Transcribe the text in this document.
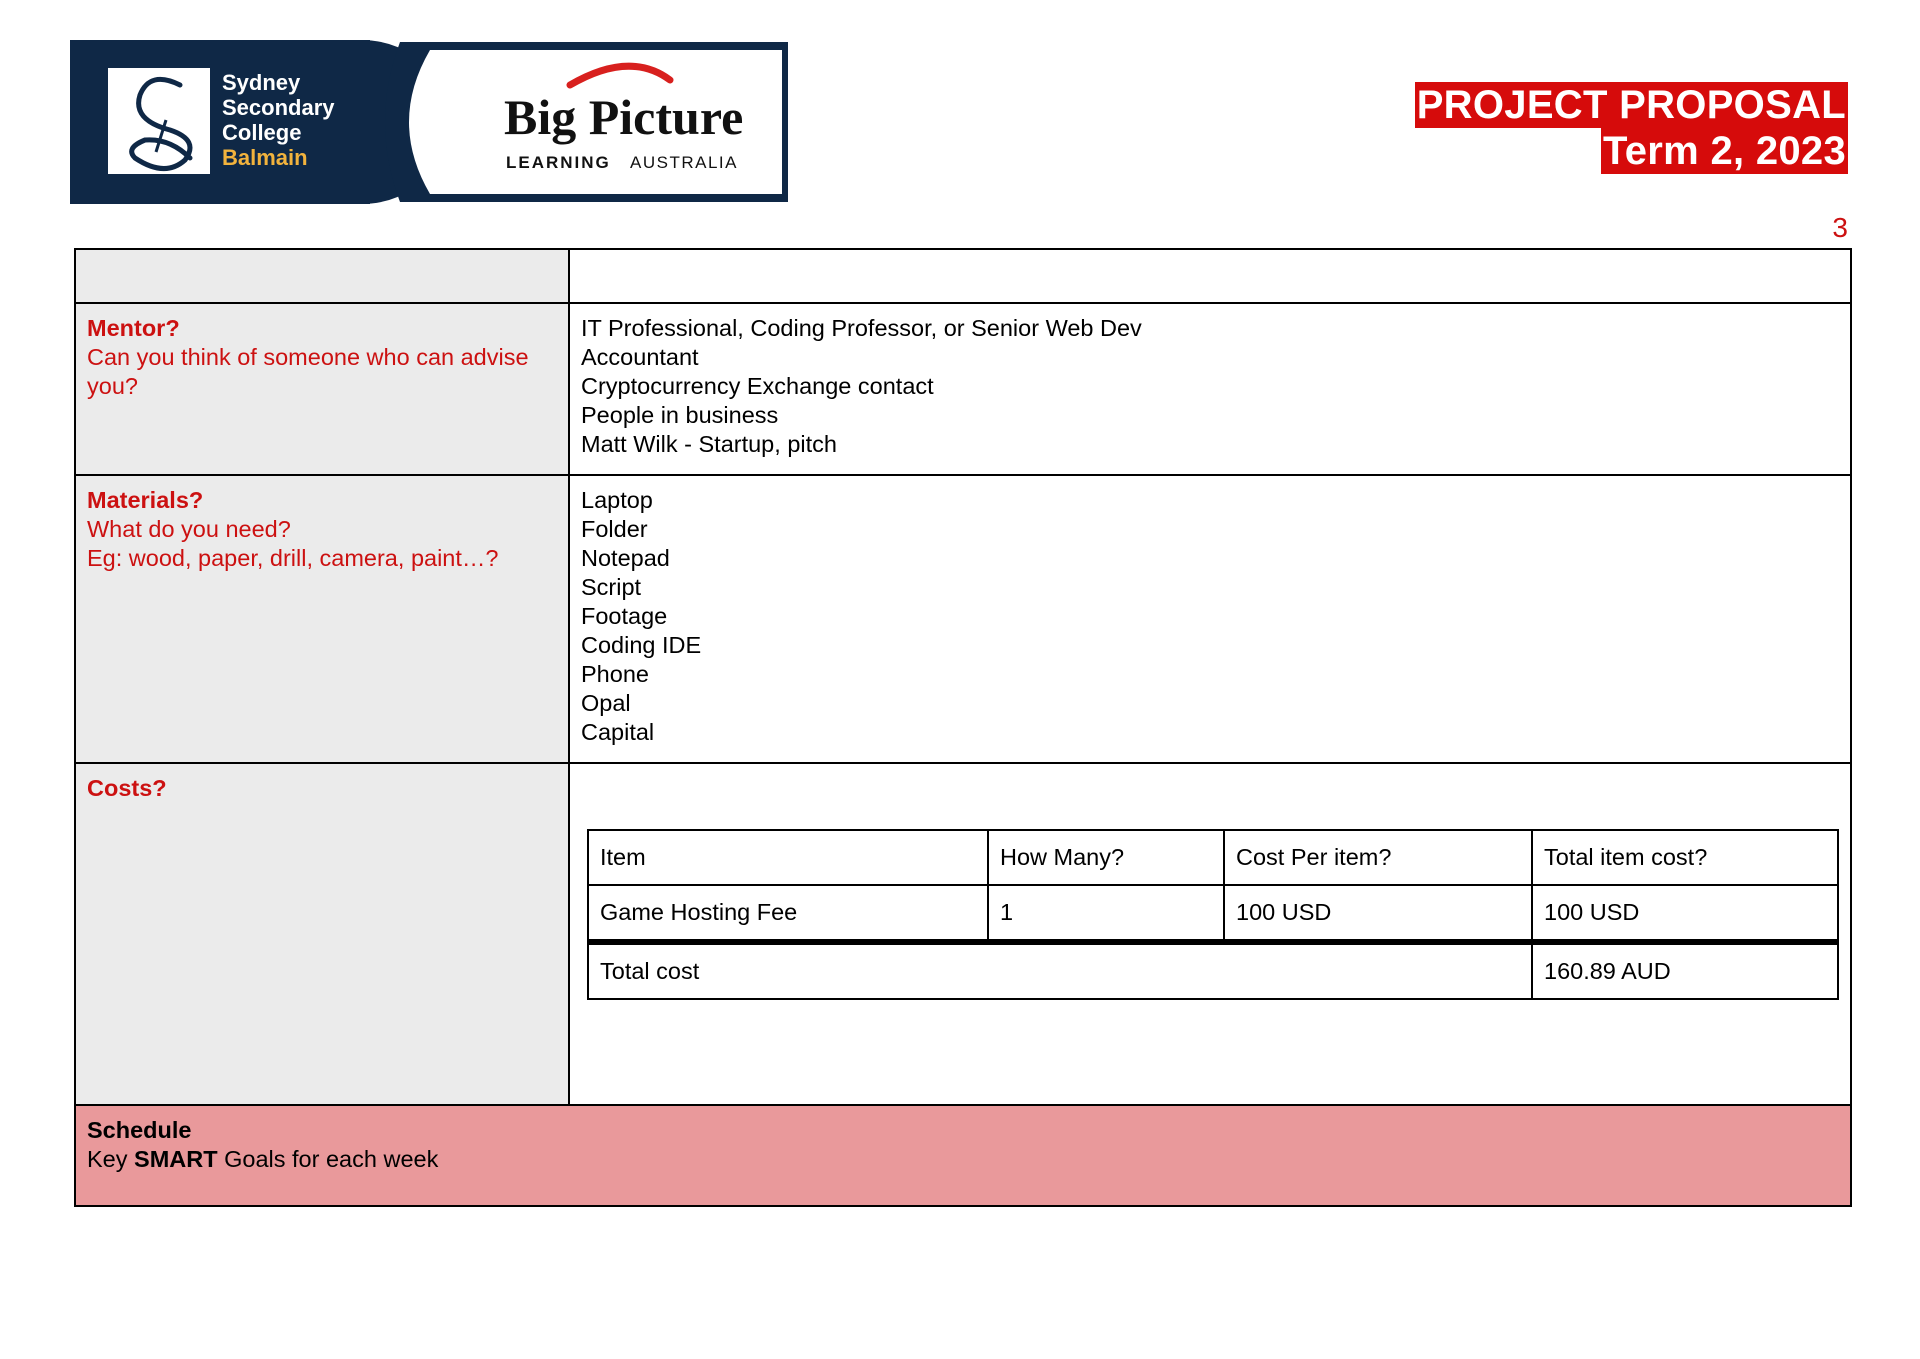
Sydney
Secondary
College
Balmain
Big Picture
LEARNING AUSTRALIA
PROJECT PROPOSAL
Term 2, 2023
3

Mentor?
Can you think of someone who can advise you?

IT Professional, Coding Professor, or Senior Web Dev
Accountant
Cryptocurrency Exchange contact
People in business
Matt Wilk - Startup, pitch

Materials?
What do you need?
Eg: wood, paper, drill, camera, paint…?

Laptop
Folder
Notepad
Script
Footage
Coding IDE
Phone
Opal
Capital

Costs?

Item	How Many?	Cost Per item?	Total item cost?
Game Hosting Fee	1	100 USD	100 USD
Total cost	160.89 AUD

Schedule
Key SMART Goals for each week
